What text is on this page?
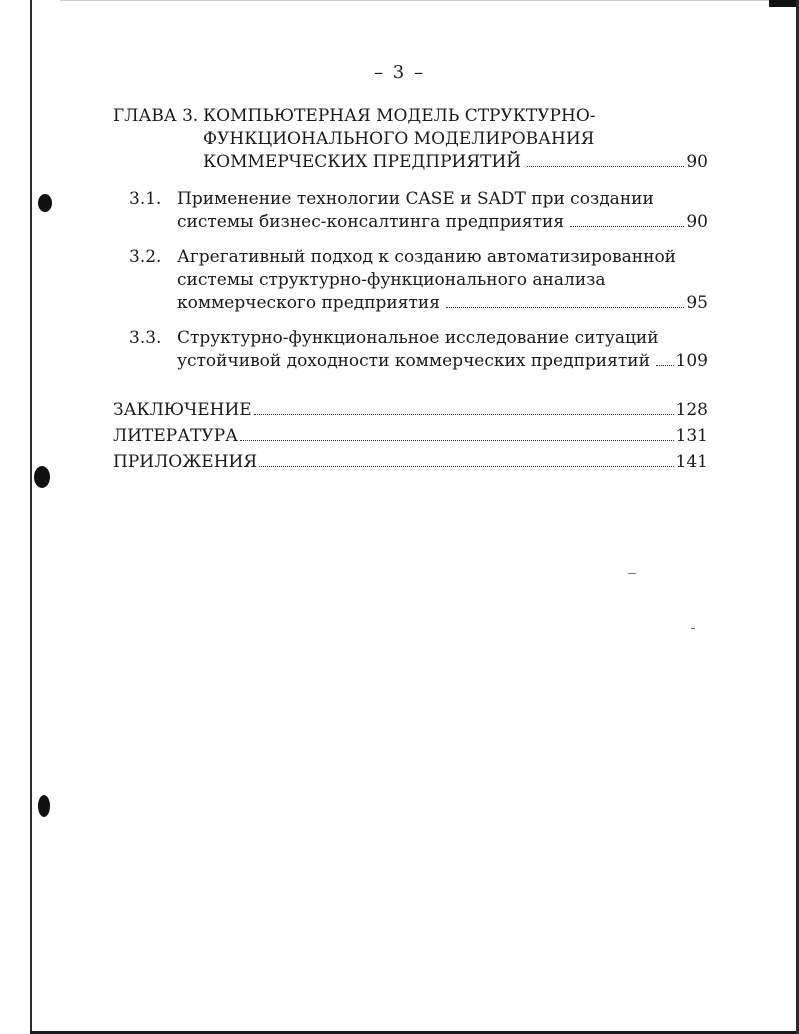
– 3 –
ГЛАВА 3. КОМПЬЮТЕРНАЯ МОДЕЛЬ СТРУКТУРНО-
ФУНКЦИОНАЛЬНОГО МОДЕЛИРОВАНИЯ
КОММЕРЧЕСКИХ ПРЕДПРИЯТИЙ	90
3.1. Применение технологии CASE и SADT при создании
системы бизнес-консалтинга предприятия	90
3.2. Агрегативный подход к созданию автоматизированной
системы структурно-функционального анализа
коммерческого предприятия	95
3.3. Структурно-функциональное исследование ситуаций
устойчивой доходности коммерческих предприятий 109
ЗАКЛЮЧЕНИЕ	128
ЛИТЕРАТУРА	131
ПРИЛОЖЕНИЯ	141
